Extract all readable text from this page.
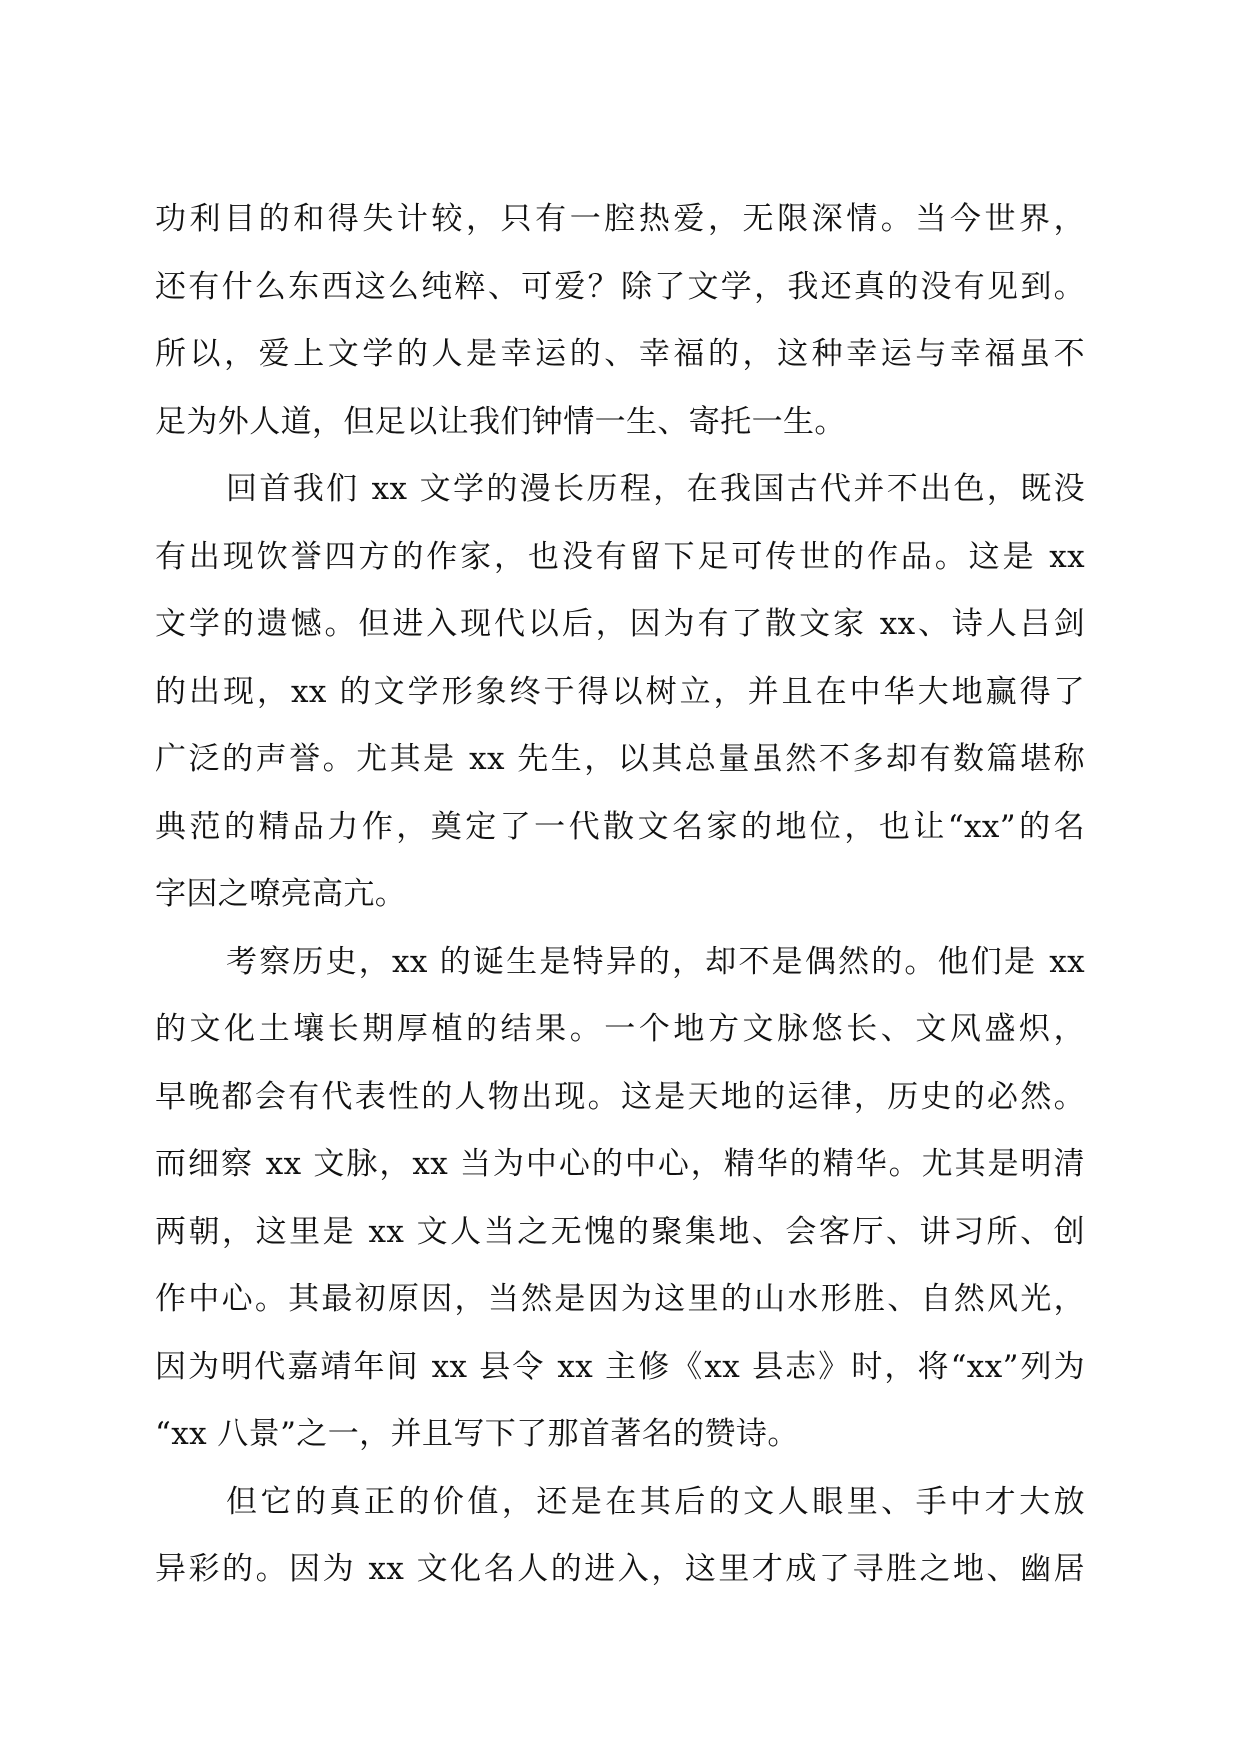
功利目的和得失计较，只有一腔热爱，无限深情。当今世界，
还有什么东西这么纯粹、可爱？除了文学，我还真的没有见到。
所以，爱上文学的人是幸运的、幸福的，这种幸运与幸福虽不
足为外人道，但足以让我们钟情一生、寄托一生。
回首我们 xx 文学的漫长历程，在我国古代并不出色，既没
有出现饮誉四方的作家，也没有留下足可传世的作品。这是 xx
文学的遗憾。但进入现代以后，因为有了散文家 xx、诗人吕剑
的出现，xx 的文学形象终于得以树立，并且在中华大地赢得了
广泛的声誉。尤其是 xx 先生，以其总量虽然不多却有数篇堪称
典范的精品力作，奠定了一代散文名家的地位，也让“xx”的名
字因之嘹亮高亢。
考察历史，xx 的诞生是特异的，却不是偶然的。他们是 xx
的文化土壤长期厚植的结果。一个地方文脉悠长、文风盛炽，
早晚都会有代表性的人物出现。这是天地的运律，历史的必然。
而细察 xx 文脉，xx 当为中心的中心，精华的精华。尤其是明清
两朝，这里是 xx 文人当之无愧的聚集地、会客厅、讲习所、创
作中心。其最初原因，当然是因为这里的山水形胜、自然风光，
因为明代嘉靖年间 xx 县令 xx 主修《xx 县志》时，将“xx”列为
“xx 八景”之一，并且写下了那首著名的赞诗。
但它的真正的价值，还是在其后的文人眼里、手中才大放
异彩的。因为 xx 文化名人的进入，这里才成了寻胜之地、幽居
